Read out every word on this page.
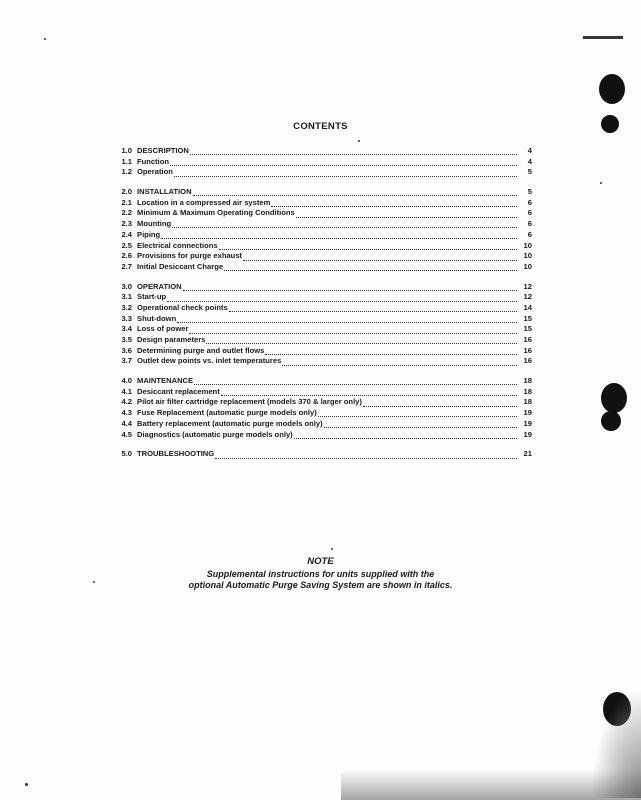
CONTENTS
1.0 DESCRIPTION	4
1.1 Function	4
1.2 Operation	5
2.0 INSTALLATION	5
2.1 Location in a compressed air system	6
2.2 Minimum & Maximum Operating Conditions	6
2.3 Mounting	6
2.4 Piping	6
2.5 Electrical connections	10
2.6 Provisions for purge exhaust	10
2.7 Initial Desiccant Charge	10
3.0 OPERATION	12
3.1 Start-up	12
3.2 Operational check points	14
3.3 Shut-down	15
3.4 Loss of power	15
3.5 Design parameters	16
3.6 Determining purge and outlet flows	16
3.7 Outlet dew points vs. inlet temperatures	16
4.0 MAINTENANCE	18
4.1 Desiccant replacement	18
4.2 Pilot air filter cartridge replacement (models 370 & larger only)	18
4.3 Fuse Replacement (automatic purge models only)	19
4.4 Battery replacement (automatic purge models only)	19
4.5 Diagnostics (automatic purge models only)	19
5.0 TROUBLESHOOTING	21
NOTE
Supplemental instructions for units supplied with the
optional Automatic Purge Saving System are shown in italics.
